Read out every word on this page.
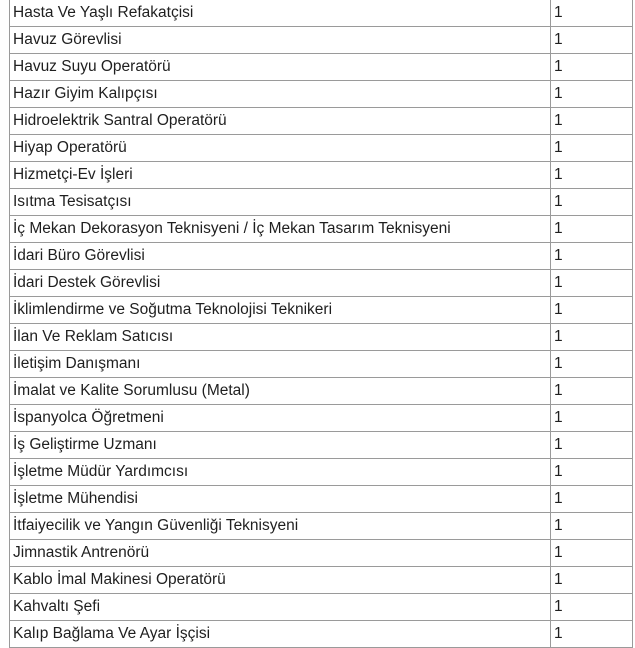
Hasta Ve Yaşlı Refakatçisi	1
Havuz Görevlisi	1
Havuz Suyu Operatörü	1
Hazır Giyim Kalıpçısı	1
Hidroelektrik Santral Operatörü	1
Hiyap Operatörü	1
Hizmetçi-Ev İşleri	1
Isıtma Tesisatçısı	1
İç Mekan Dekorasyon Teknisyeni / İç Mekan Tasarım Teknisyeni	1
İdari Büro Görevlisi	1
İdari Destek Görevlisi	1
İklimlendirme ve Soğutma Teknolojisi Teknikeri	1
İlan Ve Reklam Satıcısı	1
İletişim Danışmanı	1
İmalat ve Kalite Sorumlusu (Metal)	1
İspanyolca Öğretmeni	1
İş Geliştirme Uzmanı	1
İşletme Müdür Yardımcısı	1
İşletme Mühendisi	1
İtfaiyecilik ve Yangın Güvenliği Teknisyeni	1
Jimnastik Antrenörü	1
Kablo İmal Makinesi Operatörü	1
Kahvaltı Şefi	1
Kalıp Bağlama Ve Ayar İşçisi	1
